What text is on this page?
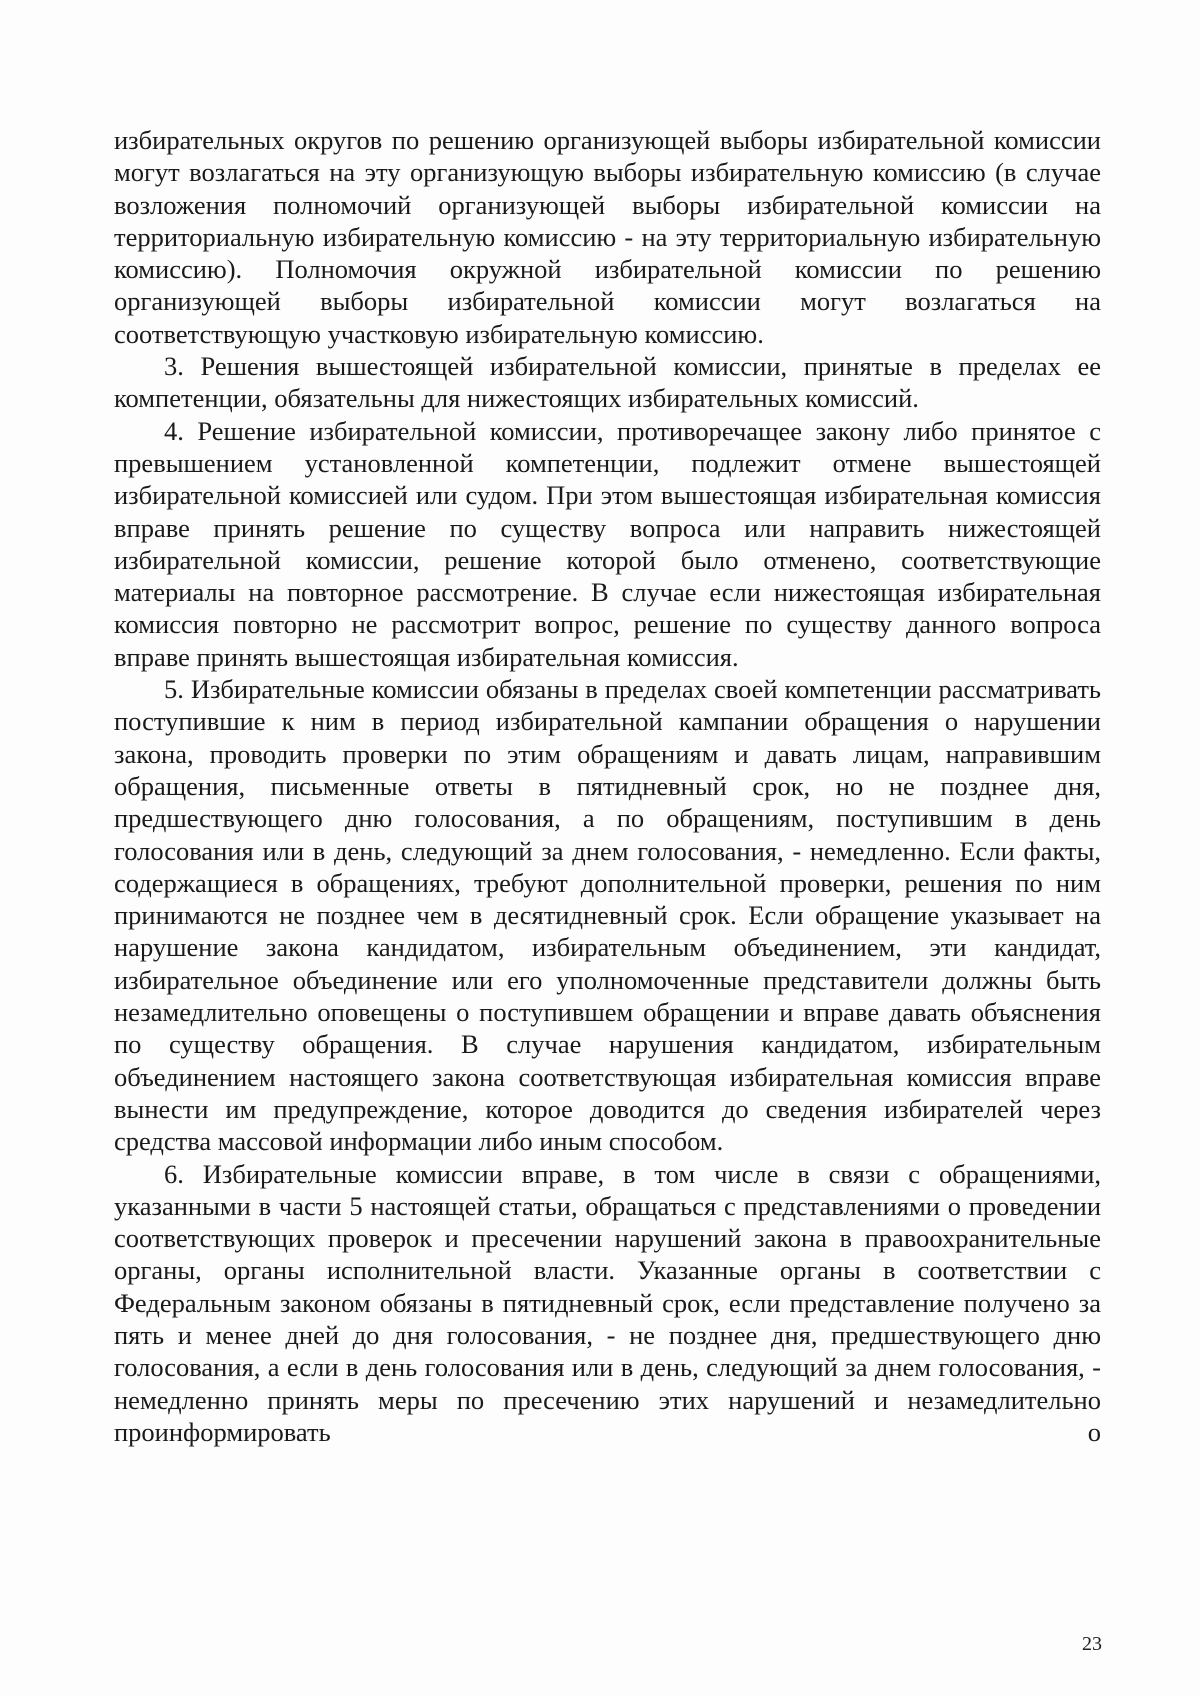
избирательных округов по решению организующей выборы избирательной комиссии могут возлагаться на эту организующую выборы избирательную комиссию (в случае возложения полномочий организующей выборы избирательной комиссии на территориальную избирательную комиссию - на эту территориальную избирательную комиссию). Полномочия окружной избирательной комиссии по решению организующей выборы избирательной комиссии могут возлагаться на соответствующую участковую избирательную комиссию.

3. Решения вышестоящей избирательной комиссии, принятые в пределах ее компетенции, обязательны для нижестоящих избирательных комиссий.

4. Решение избирательной комиссии, противоречащее закону либо принятое с превышением установленной компетенции, подлежит отмене вышестоящей избирательной комиссией или судом. При этом вышестоящая избирательная комиссия вправе принять решение по существу вопроса или направить нижестоящей избирательной комиссии, решение которой было отменено, соответствующие материалы на повторное рассмотрение. В случае если нижестоящая избирательная комиссия повторно не рассмотрит вопрос, решение по существу данного вопроса вправе принять вышестоящая избирательная комиссия.

5. Избирательные комиссии обязаны в пределах своей компетенции рассматривать поступившие к ним в период избирательной кампании обращения о нарушении закона, проводить проверки по этим обращениям и давать лицам, направившим обращения, письменные ответы в пятидневный срок, но не позднее дня, предшествующего дню голосования, а по обращениям, поступившим в день голосования или в день, следующий за днем голосования, - немедленно. Если факты, содержащиеся в обращениях, требуют дополнительной проверки, решения по ним принимаются не позднее чем в десятидневный срок. Если обращение указывает на нарушение закона кандидатом, избирательным объединением, эти кандидат, избирательное объединение или его уполномоченные представители должны быть незамедлительно оповещены о поступившем обращении и вправе давать объяснения по существу обращения. В случае нарушения кандидатом, избирательным объединением настоящего закона соответствующая избирательная комиссия вправе вынести им предупреждение, которое доводится до сведения избирателей через средства массовой информации либо иным способом.

6. Избирательные комиссии вправе, в том числе в связи с обращениями, указанными в части 5 настоящей статьи, обращаться с представлениями о проведении соответствующих проверок и пресечении нарушений закона в правоохранительные органы, органы исполнительной власти. Указанные органы в соответствии с Федеральным законом обязаны в пятидневный срок, если представление получено за пять и менее дней до дня голосования, - не позднее дня, предшествующего дню голосования, а если в день голосования или в день, следующий за днем голосования, - немедленно принять меры по пресечению этих нарушений и незамедлительно проинформировать о

23
